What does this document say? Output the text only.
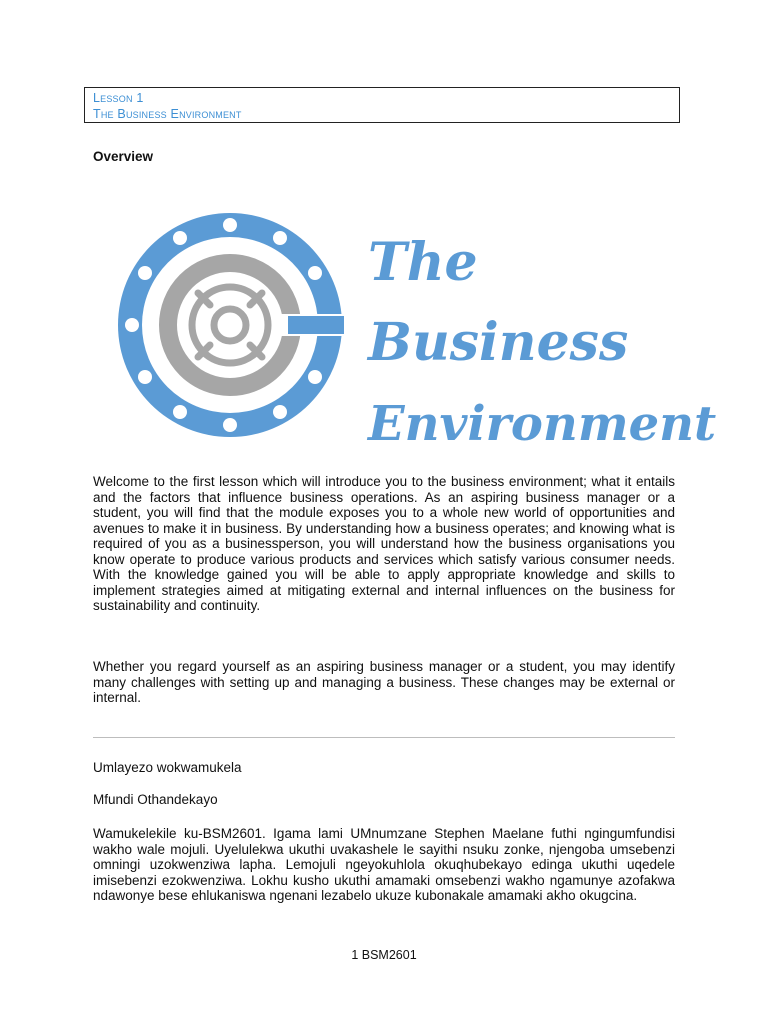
Lesson 1
The Business Environment
Overview
The
Business
Environment

Welcome to the first lesson which will introduce you to the business environment; what it entails and the factors that influence business operations. As an aspiring business manager or a student, you will find that the module exposes you to a whole new world of opportunities and avenues to make it in business. By understanding how a business operates; and knowing what is required of you as a businessperson, you will understand how the business organisations you know operate to produce various products and services which satisfy various consumer needs. With the knowledge gained you will be able to apply appropriate knowledge and skills to implement strategies aimed at mitigating external and internal influences on the business for sustainability and continuity.

Whether you regard yourself as an aspiring business manager or a student, you may identify many challenges with setting up and managing a business. These changes may be external or internal.

Umlayezo wokwamukela

Mfundi Othandekayo

Wamukelekile ku-BSM2601. Igama lami UMnumzane Stephen Maelane futhi ngingumfundisi wakho wale mojuli. Uyelulekwa ukuthi uvakashele le sayithi nsuku zonke, njengoba umsebenzi omningi uzokwenziwa lapha. Lemojuli ngeyokuhlola okuqhubekayo edinga ukuthi uqedele imisebenzi ezokwenziwa. Lokhu kusho ukuthi amamaki omsebenzi wakho ngamunye azofakwa ndawonye bese ehlukaniswa ngenani lezabelo ukuze kubonakale amamaki akho okugcina.

1 BSM2601
